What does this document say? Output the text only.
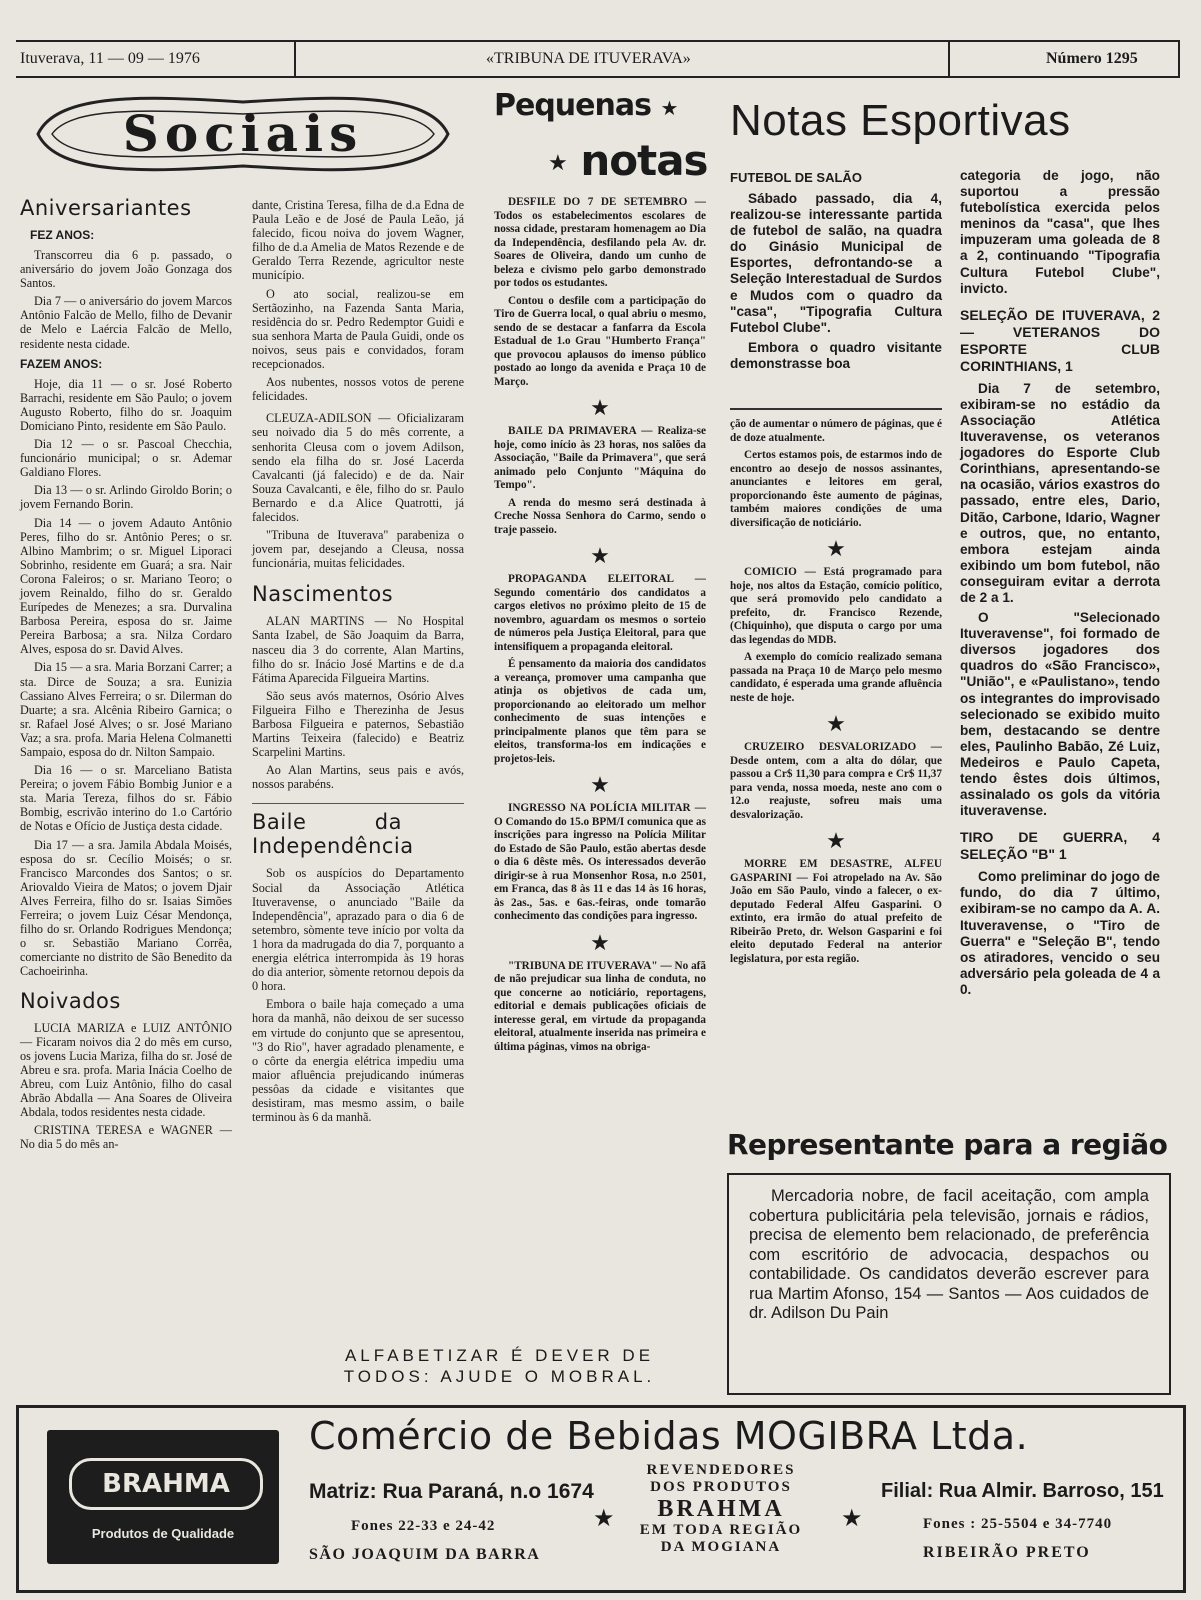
Ituverava, 11 — 09 — 1976	«TRIBUNA DE ITUVERAVA»	Número 1295
Sociais
Aniversariantes
FEZ ANOS:

Transcorreu dia 6 p. passado, o aniversário do jovem João Gonzaga dos Santos.

Dia 7 — o aniversário do jovem Marcos Antônio Falcão de Mello, filho de Devanir de Melo e Laércia Falcão de Mello, residente nesta cidade.

FAZEM ANOS:

Hoje, dia 11 — o sr. José Roberto Barrachi, residente em São Paulo; o jovem Augusto Roberto, filho do sr. Joaquim Domiciano Pinto, residente em São Paulo.

Dia 12 — o sr. Pascoal Checchia, funcionário municipal; o sr. Ademar Galdiano Flores.

Dia 13 — o sr. Arlindo Giroldo Borin; o jovem Fernando Borin.

Dia 14 — o jovem Adauto Antônio Peres, filho do sr. Antônio Peres; o sr. Albino Mambrim; o sr. Miguel Liporaci Sobrinho, residente em Guará; a sra. Nair Corona Faleiros; o sr. Mariano Teoro; o jovem Reinaldo, filho do sr. Geraldo Eurípedes de Menezes; a sra. Durvalina Barbosa Pereira, esposa do sr. Jaime Pereira Barbosa; a sra. Nilza Cordaro Alves, esposa do sr. David Alves.

Dia 15 — a sra. Maria Borzani Carrer; a sta. Dirce de Souza; a sra. Eunizia Cassiano Alves Ferreira; o sr. Dilerman do Duarte; a sra. Alcênia Ribeiro Garnica; o sr. Rafael José Alves; o sr. José Mariano Vaz; a sra. profa. Maria Helena Colmanetti Sampaio, esposa do dr. Nilton Sampaio.

Dia 16 — o sr. Marceliano Batista Pereira; o jovem Fábio Bombig Junior e a sta. Maria Tereza, filhos do sr. Fábio Bombig, escrivão interino do 1.o Cartório de Notas e Ofício de Justiça desta cidade.

Dia 17 — a sra. Jamila Abdala Moisés, esposa do sr. Cecílio Moisés; o sr. Francisco Marcondes dos Santos; o sr. Ariovaldo Vieira de Matos; o jovem Djair Alves Ferreira, filho do sr. Isaias Simões Ferreira; o jovem Luiz César Mendonça, filho do sr. Orlando Rodrigues Mendonça; o sr. Sebastião Mariano Corrêa, comerciante no distrito de São Benedito da Cachoeirinha.

Noivados

LUCIA MARIZA e LUIZ ANTÔNIO — Ficaram noivos dia 2 do mês em curso, os jovens Lucia Mariza, filha do sr. José de Abreu e sra. profa. Maria Inácia Coelho de Abreu, com Luiz Antônio, filho do casal Abrão Abdalla — Ana Soares de Oliveira Abdala, todos residentes nesta cidade.

CRISTINA TERESA e WAGNER — No dia 5 do mês an-

dante, Cristina Teresa, filha de d.a Edna de Paula Leão e de José de Paula Leão, já falecido, ficou noiva do jovem Wagner, filho de d.a Amelia de Matos Rezende e de Geraldo Terra Rezende, agricultor neste município.

O ato social, realizou-se em Sertãozinho, na Fazenda Santa Maria, residência do sr. Pedro Redemptor Guidi e sua senhora Marta de Paula Guidi, onde os noivos, seus pais e convidados, foram recepcionados.

Aos nubentes, nossos votos de perene felicidades.

CLEUZA-ADILSON — Oficializaram seu noivado dia 5 do mês corrente, a senhorita Cleusa com o jovem Adilson, sendo ela filha do sr. José Lacerda Cavalcanti (já falecido) e de da. Nair Souza Cavalcanti, e êle, filho do sr. Paulo Bernardo e d.a Alice Quatrotti, já falecidos.

"Tribuna de Ituverava" parabeniza o jovem par, desejando a Cleusa, nossa funcionária, muitas felicidades.

Nascimentos

ALAN MARTINS — No Hospital Santa Izabel, de São Joaquim da Barra, nasceu dia 3 do corrente, Alan Martins, filho do sr. Inácio José Martins e de d.a Fátima Aparecida Filgueira Martins.

São seus avós maternos, Osório Alves Filgueira Filho e Therezinha de Jesus Barbosa Filgueira e paternos, Sebastião Martins Teixeira (falecido) e Beatriz Scarpelini Martins.

Ao Alan Martins, seus pais e avós, nossos parabéns.

Baile da Independência

Sob os auspícios do Departamento Social da Associação Atlética Ituveravense, o anunciado "Baile da Independência", aprazado para o dia 6 de setembro, sòmente teve início por volta da 1 hora da madrugada do dia 7, porquanto a energia elétrica interrompida às 19 horas do dia anterior, sòmente retornou depois da 0 hora.

Embora o baile haja começado a uma hora da manhã, não deixou de ser sucesso em virtude do conjunto que se apresentou, "3 do Rio", haver agradado plenamente, e o côrte da energia elétrica impediu uma maior afluência prejudicando inúmeras pessôas da cidade e visitantes que desistiram, mas mesmo assim, o baile terminou às 6 da manhã.

Pequenas ★
★ notas

DESFILE DO 7 DE SETEMBRO — Todos os estabelecimentos escolares de nossa cidade, prestaram homenagem ao Dia da Independência, desfilando pela Av. dr. Soares de Oliveira, dando um cunho de beleza e civismo pelo garbo demonstrado por todos os estudantes.

Contou o desfile com a participação do Tiro de Guerra local, o qual abriu o mesmo, sendo de se destacar a fanfarra da Escola Estadual de 1.o Grau "Humberto França" que provocou aplausos do imenso público postado ao longo da avenida e Praça 10 de Março.

★

BAILE DA PRIMAVERA — Realiza-se hoje, como início às 23 horas, nos salões da Associação, "Baile da Primavera", que será animado pelo Conjunto "Máquina do Tempo".

A renda do mesmo será destinada à Creche Nossa Senhora do Carmo, sendo o traje passeio.

★

PROPAGANDA ELEITORAL — Segundo comentário dos candidatos a cargos eletivos no próximo pleito de 15 de novembro, aguardam os mesmos o sorteio de números pela Justiça Eleitoral, para que intensifiquem a propaganda eleitoral.

É pensamento da maioria dos candidatos a vereança, promover uma campanha que atinja os objetivos de cada um, proporcionando ao eleitorado um melhor conhecimento de suas intenções e principalmente planos que têm para se eleitos, transforma-los em indicações e projetos-leis.

★

INGRESSO NA POLÍCIA MILITAR — O Comando do 15.o BPM/I comunica que as inscrições para ingresso na Polícia Militar do Estado de São Paulo, estão abertas desde o dia 6 dêste mês. Os interessados deverão dirigir-se à rua Monsenhor Rosa, n.o 2501, em Franca, das 8 às 11 e das 14 às 16 horas, às 2as., 5as. e 6as.-feiras, onde tomarão conhecimento das condições para ingresso.

★

"TRIBUNA DE ITUVERAVA" — No afã de não prejudicar sua linha de conduta, no que concerne ao noticiário, reportagens, editorial e demais publicações oficiais de interesse geral, em virtude da propaganda eleitoral, atualmente inserida nas primeira e última páginas, vimos na obriga-

Notas Esportivas
FUTEBOL DE SALÃO

Sábado passado, dia 4, realizou-se interessante partida de futebol de salão, na quadra do Ginásio Municipal de Esportes, defrontando-se a Seleção Interestadual de Surdos e Mudos com o quadro da "casa", "Tipografia Cultura Futebol Clube".

Embora o quadro visitante demonstrasse boa

ção de aumentar o número de páginas, que é de doze atualmente.

Certos estamos pois, de estarmos indo de encontro ao desejo de nossos assinantes, anunciantes e leitores em geral, proporcionando êste aumento de páginas, também maiores condições de uma diversificação de noticiário.

★

COMICIO — Está programado para hoje, nos altos da Estação, comício político, que será promovido pelo candidato a prefeito, dr. Francisco Rezende, (Chiquinho), que disputa o cargo por uma das legendas do MDB.

A exemplo do comício realizado semana passada na Praça 10 de Março pelo mesmo candidato, é esperada uma grande afluência neste de hoje.

★

CRUZEIRO DESVALORIZADO — Desde ontem, com a alta do dólar, que passou a Cr$ 11,30 para compra e Cr$ 11,37 para venda, nossa moeda, neste ano com o 12.o reajuste, sofreu mais uma desvalorização.

★

MORRE EM DESASTRE, ALFEU GASPARINI — Foi atropelado na Av. São João em São Paulo, vindo a falecer, o ex-deputado Federal Alfeu Gasparini. O extinto, era irmão do atual prefeito de Ribeirão Preto, dr. Welson Gasparini e foi eleito deputado Federal na anterior legislatura, por esta região.

categoria de jogo, não suportou a pressão futebolística exercida pelos meninos da "casa", que lhes impuzeram uma goleada de 8 a 2, continuando "Tipografia Cultura Futebol Clube", invicto.

SELEÇÃO DE ITUVERAVA, 2 — VETERANOS DO ESPORTE CLUB CORINTHIANS, 1

Dia 7 de setembro, exibiram-se no estádio da Associação Atlética Ituveravense, os veteranos jogadores do Esporte Club Corinthians, apresentando-se na ocasião, vários exastros do passado, entre eles, Dario, Ditão, Carbone, Idario, Wagner e outros, que, no entanto, embora estejam ainda exibindo um bom futebol, não conseguiram evitar a derrota de 2 a 1.

O "Selecionado Ituveravense", foi formado de diversos jogadores dos quadros do «São Francisco», "União", e «Paulistano», tendo os integrantes do improvisado selecionado se exibido muito bem, destacando se dentre eles, Paulinho Babão, Zé Luiz, Medeiros e Paulo Capeta, tendo êstes dois últimos, assinalado os gols da vitória ituveravense.

TIRO DE GUERRA, 4 SELEÇÃO "B" 1

Como preliminar do jogo de fundo, do dia 7 último, exibiram-se no campo da A. A. Ituveravense, o "Tiro de Guerra" e "Seleção B", tendo os atiradores, vencido o seu adversário pela goleada de 4 a 0.

Representante para a região
Mercadoria nobre, de facil aceitação, com ampla cobertura publicitária pela televisão, jornais e rádios, precisa de elemento bem relacionado, de preferência com escritório de advocacia, despachos ou contabilidade. Os candidatos deverão escrever para rua Martim Afonso, 154 — Santos — Aos cuidados de dr. Adilson Du Pain
ALFABETIZAR É DEVER DE
TODOS: AJUDE O MOBRAL.
BRAHMA
Produtos de Qualidade
Comércio de Bebidas MOGIBRA Ltda.
Matriz: Rua Paraná, n.o 1674
Fones 22-33 e 24-42
SÃO JOAQUIM DA BARRA
★
REVENDEDORES
DOS PRODUTOS
BRAHMA
EM TODA REGIÃO
DA MOGIANA
★
Filial: Rua Almir. Barroso, 151
Fones : 25-5504 e 34-7740
RIBEIRÃO PRETO
